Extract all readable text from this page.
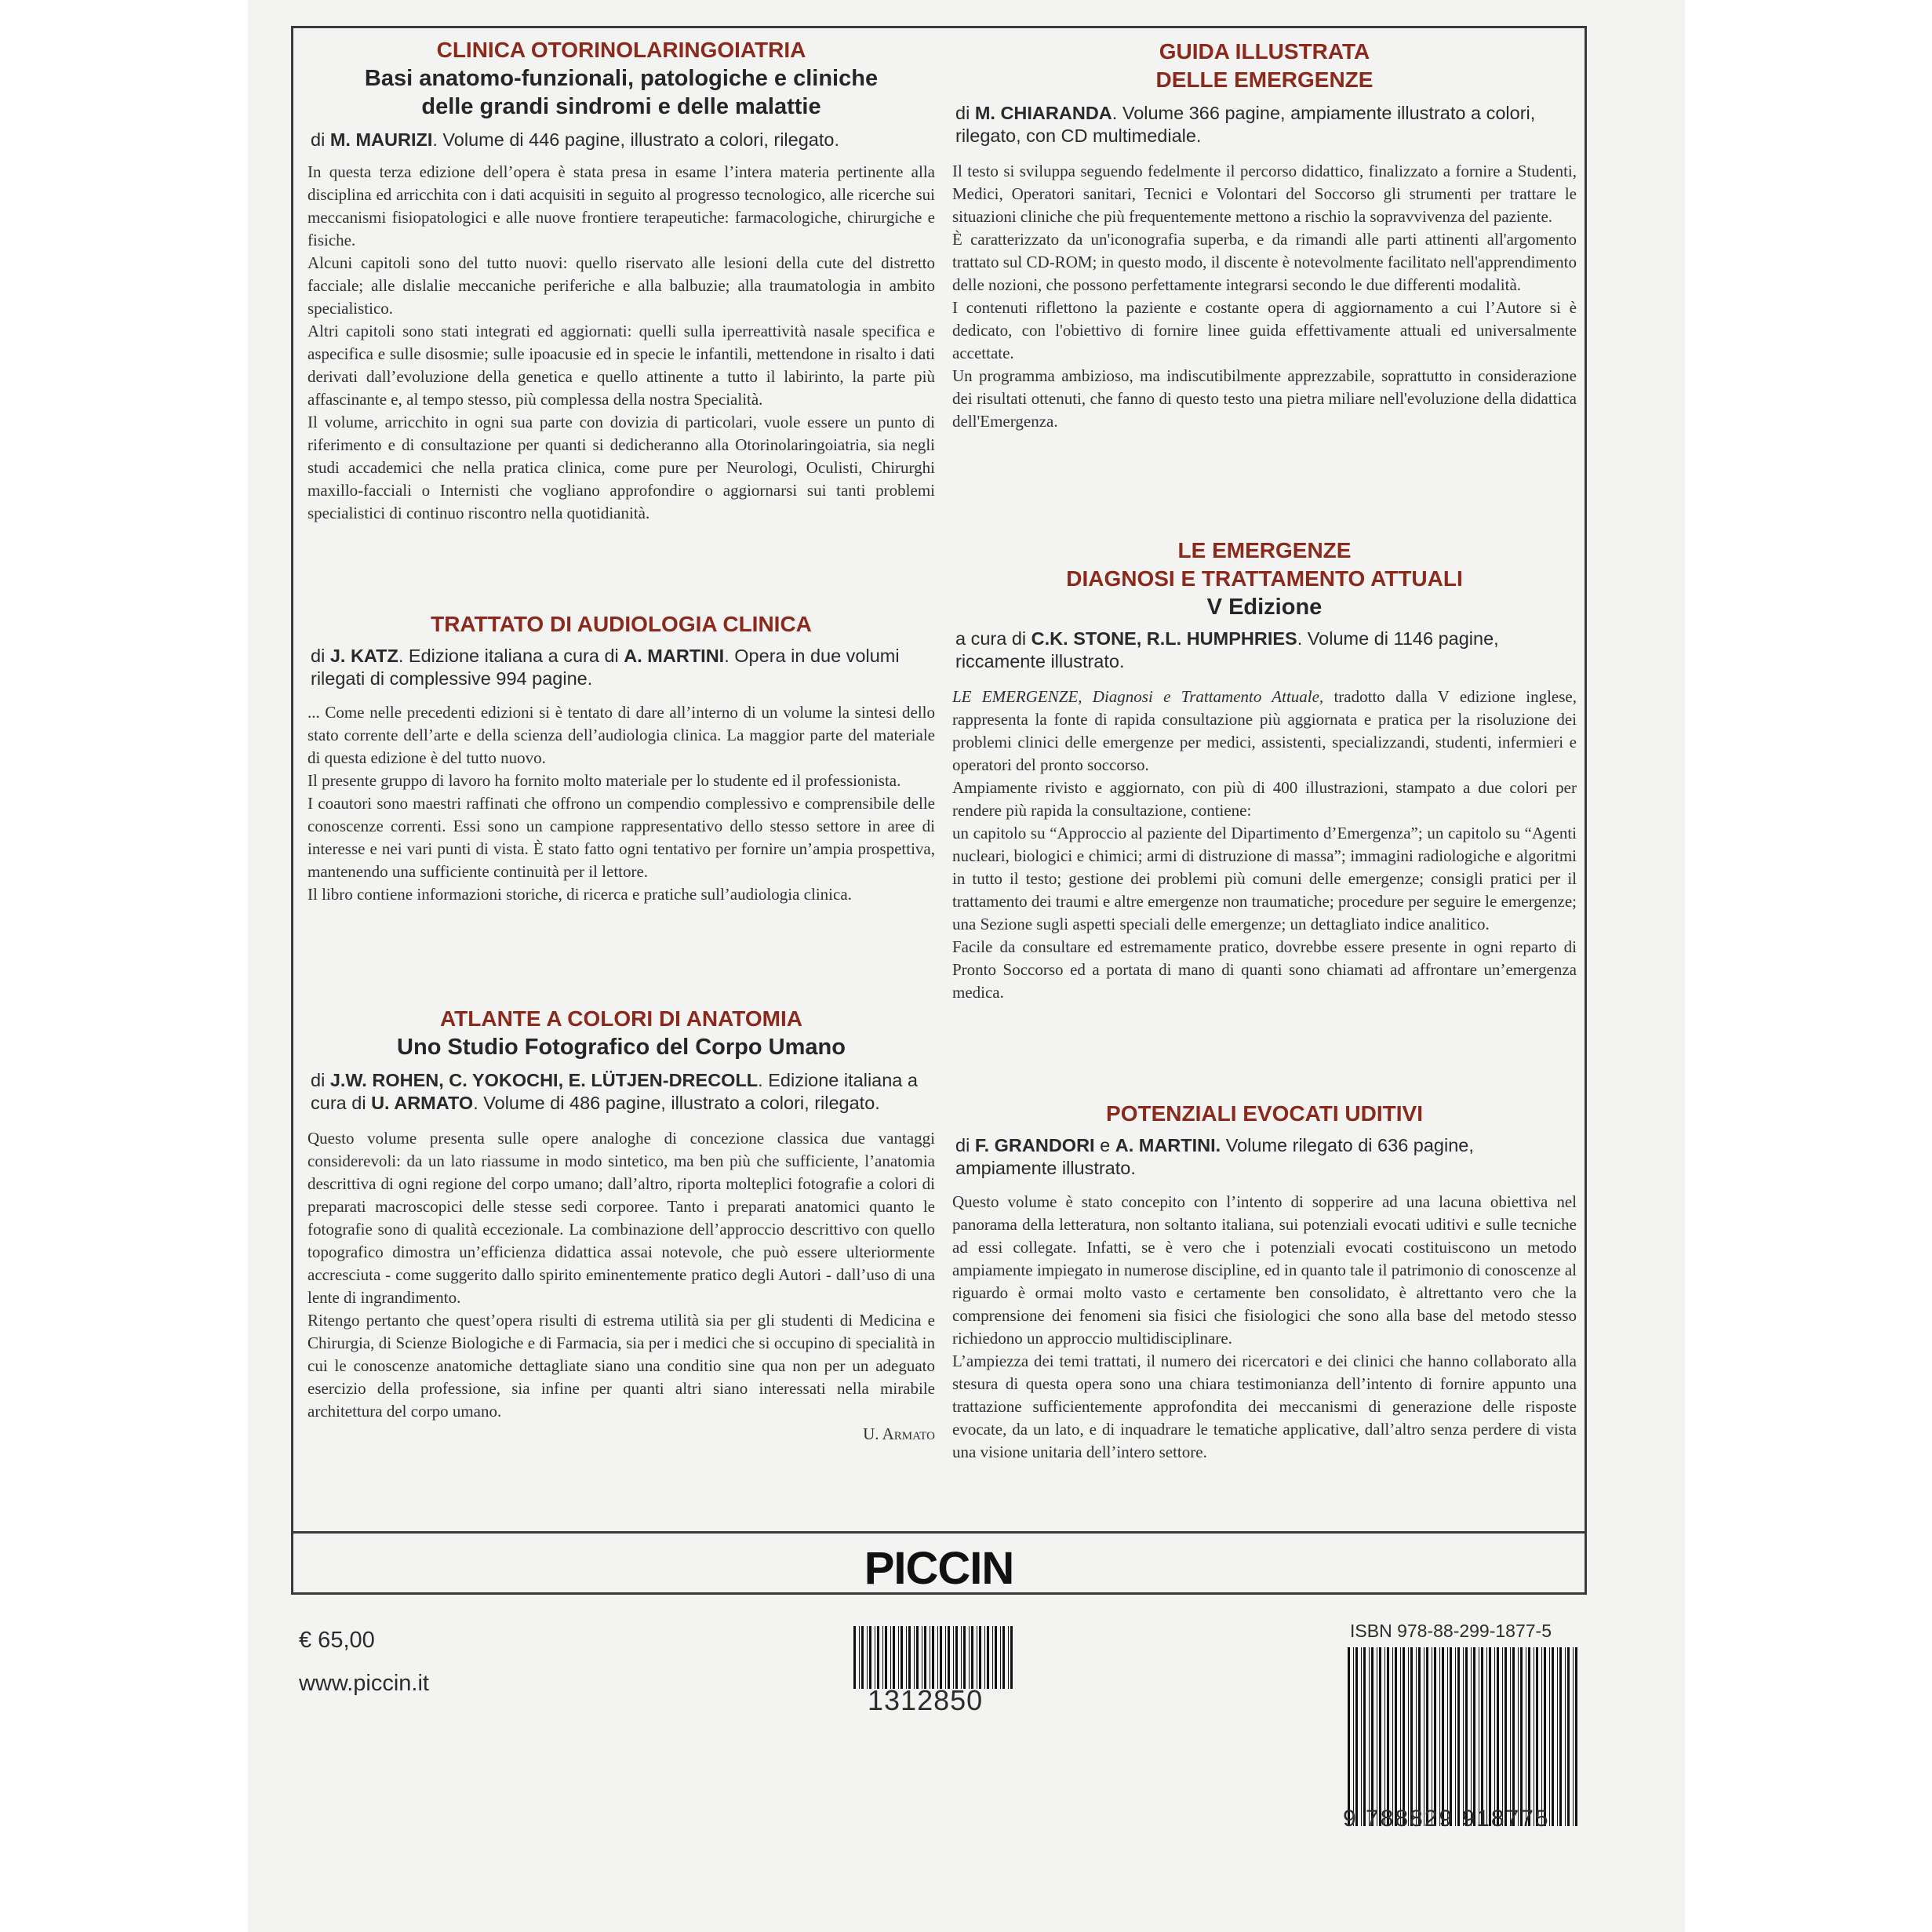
CLINICA OTORINOLARINGOIATRIA
Basi anatomo-funzionali, patologiche e cliniche
delle grandi sindromi e delle malattie
di M. MAURIZI. Volume di 446 pagine, illustrato a colori, rilegato.

In questa terza edizione dell’opera è stata presa in esame l’intera materia pertinente alla disciplina ed arricchita con i dati acquisiti in seguito al progresso tecnologico, alle ricerche sui meccanismi fisiopatologici e alle nuove frontiere terapeutiche: farmacologiche, chirurgiche e fisiche.

Alcuni capitoli sono del tutto nuovi: quello riservato alle lesioni della cute del distretto facciale; alle dislalie meccaniche periferiche e alla balbuzie; alla traumatologia in ambito specialistico.

Altri capitoli sono stati integrati ed aggiornati: quelli sulla iperreattività nasale specifica e aspecifica e sulle disosmie; sulle ipoacusie ed in specie le infantili, mettendone in risalto i dati derivati dall’evoluzione della genetica e quello attinente a tutto il labirinto, la parte più affascinante e, al tempo stesso, più complessa della nostra Specialità.

Il volume, arricchito in ogni sua parte con dovizia di particolari, vuole essere un punto di riferimento e di consultazione per quanti si dedicheranno alla Otorinolaringoiatria, sia negli studi accademici che nella pratica clinica, come pure per Neurologi, Oculisti, Chirurghi maxillo-facciali o Internisti che vogliano approfondire o aggiornarsi sui tanti problemi specialistici di continuo riscontro nella quotidianità.

TRATTATO DI AUDIOLOGIA CLINICA
di J. KATZ. Edizione italiana a cura di A. MARTINI. Opera in due volumi rilegati di complessive 994 pagine.

... Come nelle precedenti edizioni si è tentato di dare all’interno di un volume la sintesi dello stato corrente dell’arte e della scienza dell’audiologia clinica. La maggior parte del materiale di questa edizione è del tutto nuovo.

Il presente gruppo di lavoro ha fornito molto materiale per lo studente ed il professionista.

I coautori sono maestri raffinati che offrono un compendio complessivo e comprensibile delle conoscenze correnti. Essi sono un campione rappresentativo dello stesso settore in aree di interesse e nei vari punti di vista. È stato fatto ogni tentativo per fornire un’ampia prospettiva, mantenendo una sufficiente continuità per il lettore.

Il libro contiene informazioni storiche, di ricerca e pratiche sull’audiologia clinica.

ATLANTE A COLORI DI ANATOMIA
Uno Studio Fotografico del Corpo Umano
di J.W. ROHEN, C. YOKOCHI, E. LÜTJEN-DRECOLL. Edizione italiana a cura di U. ARMATO. Volume di 486 pagine, illustrato a colori, rilegato.

Questo volume presenta sulle opere analoghe di concezione classica due vantaggi considerevoli: da un lato riassume in modo sintetico, ma ben più che sufficiente, l’anatomia descrittiva di ogni regione del corpo umano; dall’altro, riporta molteplici fotografie a colori di preparati macroscopici delle stesse sedi corporee. Tanto i preparati anatomici quanto le fotografie sono di qualità eccezionale. La combinazione dell’approccio descrittivo con quello topografico dimostra un’efficienza didattica assai notevole, che può essere ulteriormente accresciuta - come suggerito dallo spirito eminentemente pratico degli Autori - dall’uso di una lente di ingrandimento.

Ritengo pertanto che quest’opera risulti di estrema utilità sia per gli studenti di Medicina e Chirurgia, di Scienze Biologiche e di Farmacia, sia per i medici che si occupino di specialità in cui le conoscenze anatomiche dettagliate siano una conditio sine qua non per un adeguato esercizio della professione, sia infine per quanti altri siano interessati nella mirabile architettura del corpo umano.

U. Armato
GUIDA ILLUSTRATA
DELLE EMERGENZE
di M. CHIARANDA. Volume 366 pagine, ampiamente illustrato a colori, rilegato, con CD multimediale.

Il testo si sviluppa seguendo fedelmente il percorso didattico, finalizzato a fornire a Studenti, Medici, Operatori sanitari, Tecnici e Volontari del Soccorso gli strumenti per trattare le situazioni cliniche che più frequentemente mettono a rischio la sopravvivenza del paziente.

È caratterizzato da un'iconografia superba, e da rimandi alle parti attinenti all'argomento trattato sul CD-ROM; in questo modo, il discente è notevolmente facilitato nell'apprendimento delle nozioni, che possono perfettamente integrarsi secondo le due differenti modalità.

I contenuti riflettono la paziente e costante opera di aggiornamento a cui l’Autore si è dedicato, con l'obiettivo di fornire linee guida effettivamente attuali ed universalmente accettate.

Un programma ambizioso, ma indiscutibilmente apprezzabile, soprattutto in considerazione dei risultati ottenuti, che fanno di questo testo una pietra miliare nell'evoluzione della didattica dell'Emergenza.

LE EMERGENZE
DIAGNOSI E TRATTAMENTO ATTUALI
V Edizione
a cura di C.K. STONE, R.L. HUMPHRIES. Volume di 1146 pagine, riccamente illustrato.

LE EMERGENZE, Diagnosi e Trattamento Attuale, tradotto dalla V edizione inglese, rappresenta la fonte di rapida consultazione più aggiornata e pratica per la risoluzione dei problemi clinici delle emergenze per medici, assistenti, specializzandi, studenti, infermieri e operatori del pronto soccorso.

Ampiamente rivisto e aggiornato, con più di 400 illustrazioni, stampato a due colori per rendere più rapida la consultazione, contiene:

un capitolo su “Approccio al paziente del Dipartimento d’Emergenza”; un capitolo su “Agenti nucleari, biologici e chimici; armi di distruzione di massa”; immagini radiologiche e algoritmi in tutto il testo; gestione dei problemi più comuni delle emergenze; consigli pratici per il trattamento dei traumi e altre emergenze non traumatiche; procedure per seguire le emergenze; una Sezione sugli aspetti speciali delle emergenze; un dettagliato indice analitico.

Facile da consultare ed estremamente pratico, dovrebbe essere presente in ogni reparto di Pronto Soccorso ed a portata di mano di quanti sono chiamati ad affrontare un’emergenza medica.

POTENZIALI EVOCATI UDITIVI
di F. GRANDORI e A. MARTINI. Volume rilegato di 636 pagine, ampiamente illustrato.

Questo volume è stato concepito con l’intento di sopperire ad una lacuna obiettiva nel panorama della letteratura, non soltanto italiana, sui potenziali evocati uditivi e sulle tecniche ad essi collegate. Infatti, se è vero che i potenziali evocati costituiscono un metodo ampiamente impiegato in numerose discipline, ed in quanto tale il patrimonio di conoscenze al riguardo è ormai molto vasto e certamente ben consolidato, è altrettanto vero che la comprensione dei fenomeni sia fisici che fisiologici che sono alla base del metodo stesso richiedono un approccio multidisciplinare.

L’ampiezza dei temi trattati, il numero dei ricercatori e dei clinici che hanno collaborato alla stesura di questa opera sono una chiara testimonianza dell’intento di fornire appunto una trattazione sufficientemente approfondita dei meccanismi di generazione delle risposte evocate, da un lato, e di inquadrare le tematiche applicative, dall’altro senza perdere di vista una visione unitaria dell’intero settore.

PICCIN
€ 65,00
www.piccin.it
ISBN 978-88-299-1877-5
1312850
9 788829 918775
